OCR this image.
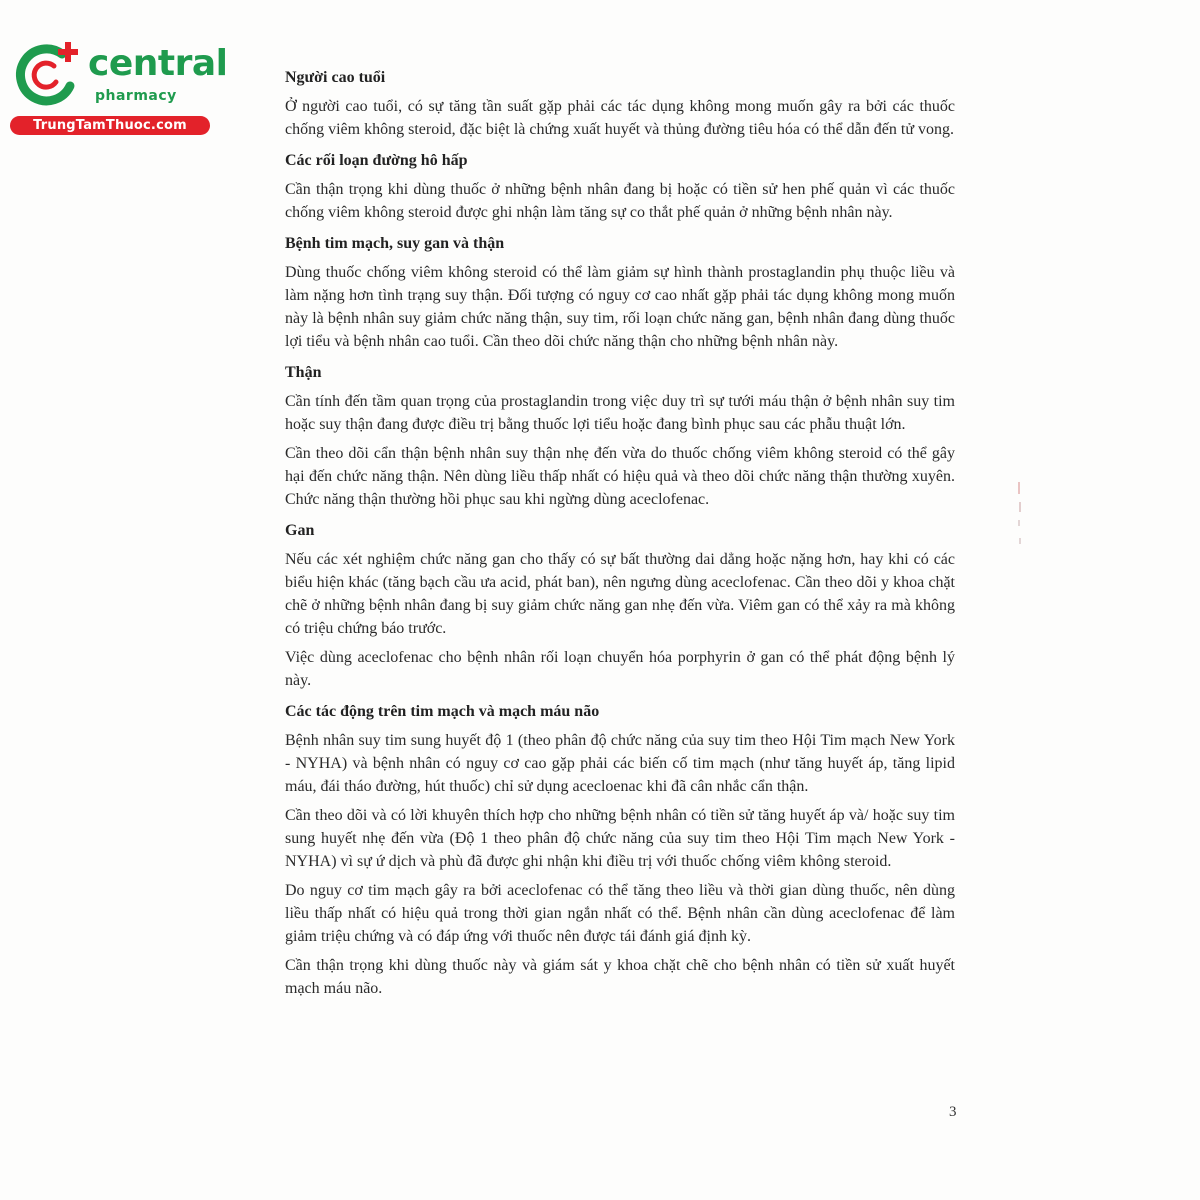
central
pharmacy
TrungTamThuoc.com
Người cao tuổi

Ở người cao tuổi, có sự tăng tần suất gặp phải các tác dụng không mong muốn gây ra bởi các thuốc chống viêm không steroid, đặc biệt là chứng xuất huyết và thủng đường tiêu hóa có thể dẫn đến tử vong.

Các rối loạn đường hô hấp

Cần thận trọng khi dùng thuốc ở những bệnh nhân đang bị hoặc có tiền sử hen phế quản vì các thuốc chống viêm không steroid được ghi nhận làm tăng sự co thắt phế quản ở những bệnh nhân này.

Bệnh tim mạch, suy gan và thận

Dùng thuốc chống viêm không steroid có thể làm giảm sự hình thành prostaglandin phụ thuộc liều và làm nặng hơn tình trạng suy thận. Đối tượng có nguy cơ cao nhất gặp phải tác dụng không mong muốn này là bệnh nhân suy giảm chức năng thận, suy tim, rối loạn chức năng gan, bệnh nhân đang dùng thuốc lợi tiểu và bệnh nhân cao tuổi. Cần theo dõi chức năng thận cho những bệnh nhân này.

Thận

Cần tính đến tầm quan trọng của prostaglandin trong việc duy trì sự tưới máu thận ở bệnh nhân suy tim hoặc suy thận đang được điều trị bằng thuốc lợi tiểu hoặc đang bình phục sau các phẫu thuật lớn.

Cần theo dõi cẩn thận bệnh nhân suy thận nhẹ đến vừa do thuốc chống viêm không steroid có thể gây hại đến chức năng thận. Nên dùng liều thấp nhất có hiệu quả và theo dõi chức năng thận thường xuyên. Chức năng thận thường hồi phục sau khi ngừng dùng aceclofenac.

Gan

Nếu các xét nghiệm chức năng gan cho thấy có sự bất thường dai dẳng hoặc nặng hơn, hay khi có các biểu hiện khác (tăng bạch cầu ưa acid, phát ban), nên ngưng dùng aceclofenac. Cần theo dõi y khoa chặt chẽ ở những bệnh nhân đang bị suy giảm chức năng gan nhẹ đến vừa. Viêm gan có thể xảy ra mà không có triệu chứng báo trước.

Việc dùng aceclofenac cho bệnh nhân rối loạn chuyển hóa porphyrin ở gan có thể phát động bệnh lý này.

Các tác động trên tim mạch và mạch máu não

Bệnh nhân suy tim sung huyết độ 1 (theo phân độ chức năng của suy tim theo Hội Tim mạch New York - NYHA) và bệnh nhân có nguy cơ cao gặp phải các biến cố tim mạch (như tăng huyết áp, tăng lipid máu, đái tháo đường, hút thuốc) chỉ sử dụng acecloenac khi đã cân nhắc cẩn thận.

Cần theo dõi và có lời khuyên thích hợp cho những bệnh nhân có tiền sử tăng huyết áp và/ hoặc suy tim sung huyết nhẹ đến vừa (Độ 1 theo phân độ chức năng của suy tim theo Hội Tim mạch New York - NYHA) vì sự ứ dịch và phù đã được ghi nhận khi điều trị với thuốc chống viêm không steroid.

Do nguy cơ tim mạch gây ra bởi aceclofenac có thể tăng theo liều và thời gian dùng thuốc, nên dùng liều thấp nhất có hiệu quả trong thời gian ngắn nhất có thể. Bệnh nhân cần dùng aceclofenac để làm giảm triệu chứng và có đáp ứng với thuốc nên được tái đánh giá định kỳ.

Cần thận trọng khi dùng thuốc này và giám sát y khoa chặt chẽ cho bệnh nhân có tiền sử xuất huyết mạch máu não.

3
